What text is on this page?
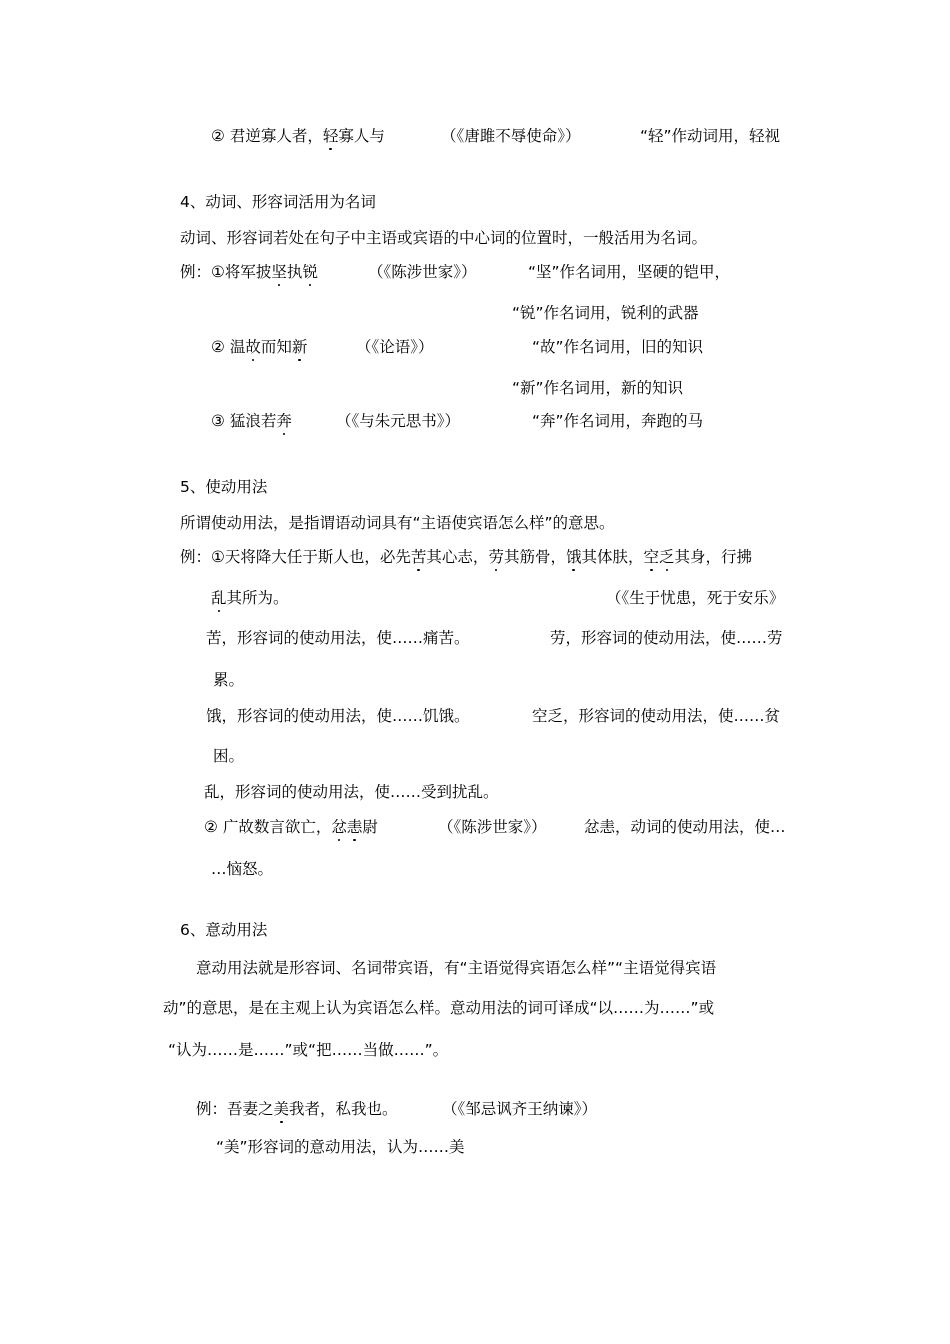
② 君逆寡人者，轻寡人与	（《唐雎不辱使命》）	“轻”作动词用，轻视
4、动词、形容词活用为名词
动词、形容词若处在句子中主语或宾语的中心词的位置时，一般活用为名词。
例：①将军披坚执锐	（《陈涉世家》）	“坚”作名词用，坚硬的铠甲，
“锐”作名词用，锐利的武器
② 温故而知新	（《论语》）	“故”作名词用，旧的知识
“新”作名词用，新的知识
③ 猛浪若奔	（《与朱元思书》）	“奔”作名词用，奔跑的马
5、使动用法
所谓使动用法，是指谓语动词具有“主语使宾语怎么样”的意思。
例：①天将降大任于斯人也，必先苦其心志，劳其筋骨，饿其体肤，空乏其身，行拂
乱其所为。	（《生于忧患，死于安乐》
苦，形容词的使动用法，使……痛苦。	劳，形容词的使动用法，使……劳
累。
饿，形容词的使动用法，使……饥饿。	空乏，形容词的使动用法，使……贫
困。
乱，形容词的使动用法，使……受到扰乱。
② 广故数言欲亡，忿恚尉	（《陈涉世家》） 忿恚，动词的使动用法，使…
…恼怒。
6、意动用法
意动用法就是形容词、名词带宾语，有“主语觉得宾语怎么样”“主语觉得宾语
动”的意思，是在主观上认为宾语怎么样。意动用法的词可译成“以……为……”或
“认为……是……”或“把……当做……”。
例：吾妻之美我者，私我也。	（《邹忌讽齐王纳谏》）
“美”形容词的意动用法，认为……美
